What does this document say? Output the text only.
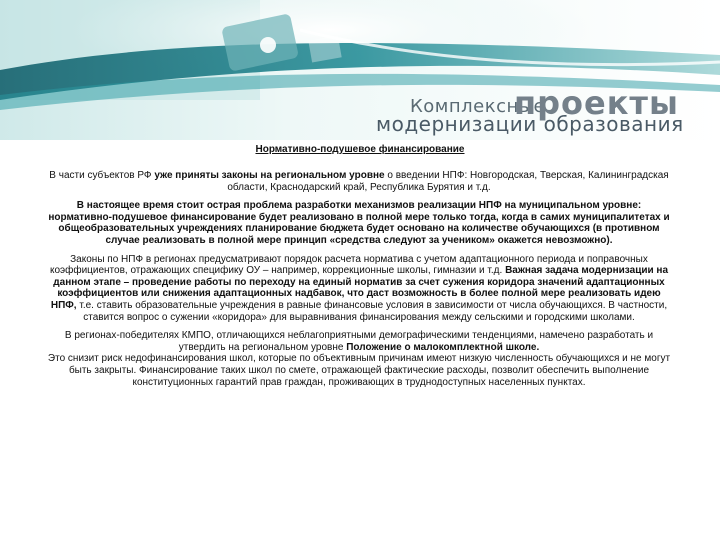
Комплексные
проекты
модернизации образования
Нормативно-подушевое финансирование

В части субъектов РФ уже приняты законы на региональном уровне о введении НПФ: Новгородская, Тверская, Калининградская области, Краснодарский край, Республика Бурятия и т.д.

В настоящее время стоит острая проблема разработки механизмов реализации НПФ на муниципальном уровне: нормативно-подушевое финансирование будет реализовано в полной мере только тогда, когда в самих муниципалитетах и общеобразовательных учреждениях планирование бюджета будет основано на количестве обучающихся (в противном случае реализовать в полной мере принцип «средства следуют за учеником» окажется невозможно).

Законы по НПФ в регионах предусматривают порядок расчета норматива с учетом адаптационного периода и поправочных коэффициентов, отражающих специфику ОУ – например, коррекционные школы, гимназии и т.д. Важная задача модернизации на данном этапе – проведение работы по переходу на единый норматив за счет сужения коридора значений адаптационных коэффициентов или снижения адаптационных надбавок, что даст возможность в более полной мере реализовать идею НПФ, т.е. ставить образовательные учреждения в равные финансовые условия в зависимости от числа обучающихся. В частности, ставится вопрос о сужении «коридора» для выравнивания финансирования между сельскими и городскими школами.

В регионах-победителях КМПО, отличающихся неблагоприятными демографическими тенденциями, намечено разработать и утвердить на региональном уровне Положение о малокомплектной школе.

Это снизит риск недофинансирования школ, которые по объективным причинам имеют низкую численность обучающихся и не могут быть закрыты. Финансирование таких школ по смете, отражающей фактические расходы, позволит обеспечить выполнение конституционных гарантий прав граждан, проживающих в труднодоступных населенных пунктах.
